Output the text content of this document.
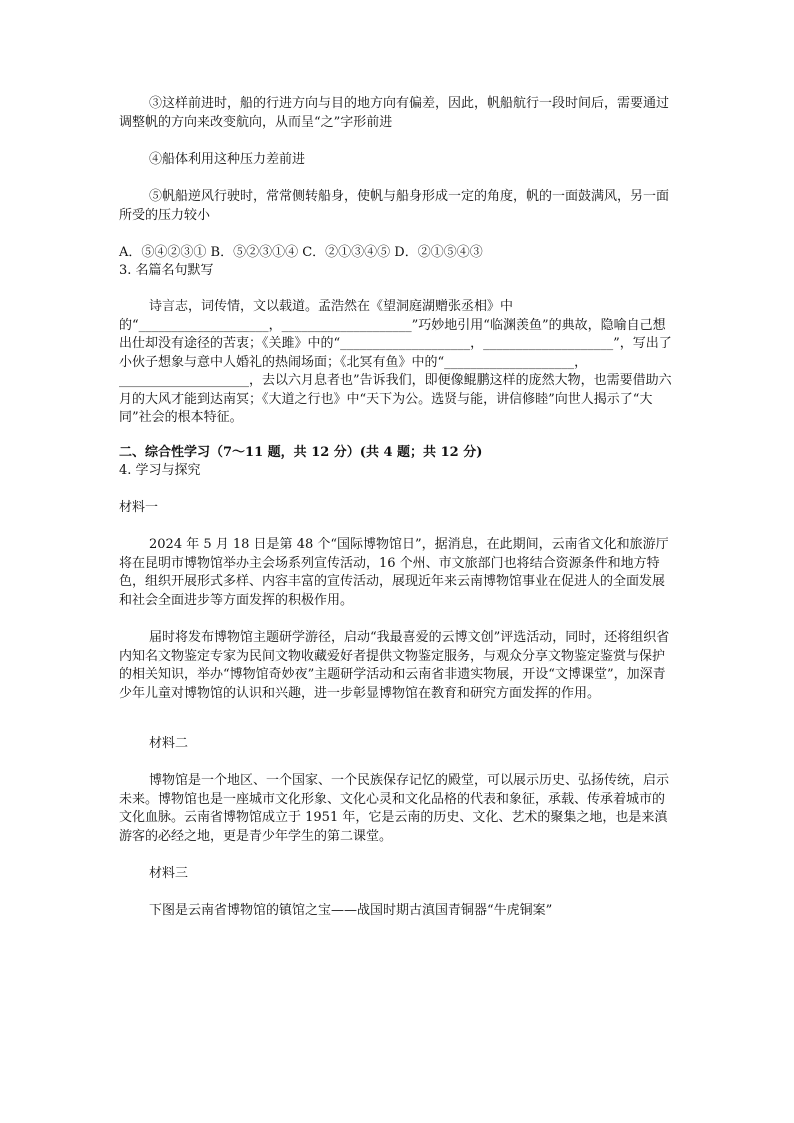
③这样前进时，船的行进方向与目的地方向有偏差，因此，帆船航行一段时间后，需要通过调整帆的方向来改变航向，从而呈“之”字形前进

④船体利用这种压力差前进

⑤帆船逆风行驶时，常常侧转船身，使帆与船身形成一定的角度，帆的一面鼓满风，另一面所受的压力较小

A．⑤④②③① B．⑤②③①④ C．②①③④⑤ D．②①⑤④③

3. 名篇名句默写

诗言志，词传情，文以载道。孟浩然在《望洞庭湖赠张丞相》中的“____________________，____________________”巧妙地引用“临渊羡鱼”的典故，隐喻自己想出仕却没有途径的苦衷；《关雎》中的“____________________，____________________”，写出了小伙子想象与意中人婚礼的热闹场面；《北冥有鱼》中的“____________________，____________________，去以六月息者也”告诉我们，即便像鲲鹏这样的庞然大物，也需要借助六月的大风才能到达南冥；《大道之行也》中“天下为公。选贤与能，讲信修睦”向世人揭示了“大同”社会的根本特征。

二、综合性学习（7～11 题，共 12 分）(共 4 题；共 12 分)

4. 学习与探究

材料一

2024 年 5 月 18 日是第 48 个“国际博物馆日”，据消息，在此期间，云南省文化和旅游厅将在昆明市博物馆举办主会场系列宣传活动，16 个州、市文旅部门也将结合资源条件和地方特色，组织开展形式多样、内容丰富的宣传活动，展现近年来云南博物馆事业在促进人的全面发展和社会全面进步等方面发挥的积极作用。

届时将发布博物馆主题研学游径，启动“我最喜爱的云博文创”评选活动，同时，还将组织省内知名文物鉴定专家为民间文物收藏爱好者提供文物鉴定服务，与观众分享文物鉴定鉴赏与保护的相关知识，举办“博物馆奇妙夜”主题研学活动和云南省非遗实物展，开设“文博课堂”，加深青少年儿童对博物馆的认识和兴趣，进一步彰显博物馆在教育和研究方面发挥的作用。

材料二

博物馆是一个地区、一个国家、一个民族保存记忆的殿堂，可以展示历史、弘扬传统，启示未来。博物馆也是一座城市文化形象、文化心灵和文化品格的代表和象征，承载、传承着城市的文化血脉。云南省博物馆成立于 1951 年，它是云南的历史、文化、艺术的聚集之地，也是来滇游客的必经之地，更是青少年学生的第二课堂。

材料三

下图是云南省博物馆的镇馆之宝——战国时期古滇国青铜器“牛虎铜案”
